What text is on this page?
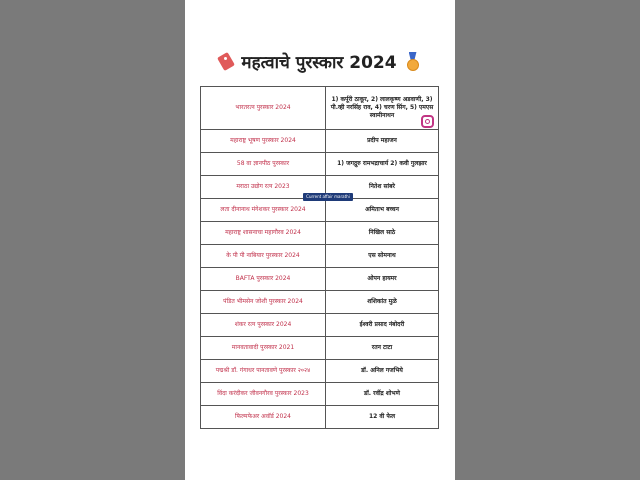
महत्वाचे पुरस्कार 2024
भारतरत्न पुरस्कार 2024	1) कर्पूरी ठाकूर, 2) लालकृष्ण अडवाणी, 3) पी.व्ही नरसिंह राव, 4) चरण सिंग, 5) एमएस स्वामीनाथन
महाराष्ट्र भूषण पुरस्कार 2024	प्रदीप महाजन
58 वा ज्ञानपीठ पुरस्कार	1) जगद्गुरु रामभद्राचार्य 2) कवी गुलझार
मराठा उद्योग रत्न 2023	नितेश सांबरे
लता दीनानाथ मंगेशकर पुरस्कार 2024	अमिताभ बच्चन
महाराष्ट्र शासनाचा महागौरव 2024	निखिल साठे
के पी पी नाबियार पुरस्कार 2024	एस सोमनाथ
BAFTA पुरस्कार 2024	ओपन हायमर
पंडित भीमसेन जोशी पुरस्कार 2024	शशिकांत मुळे
शंकर रत्न पुरस्कार 2024	ईश्वरी प्रसाद नंबोदरी
मानवतावादी पुरस्कार 2021	रतन टाटा
पद्मश्री डॉ. गंगाधर पानतावणे पुरस्कार २०२४	डॉ. अनिल गजभिये
विंदा करंदीकर जीवनगौरव पुरस्कार 2023	डॉ. रवींद्र शोभणे
फिल्मफेअर अवॉर्ड 2024	12 वी फेल
Current affair marathi
